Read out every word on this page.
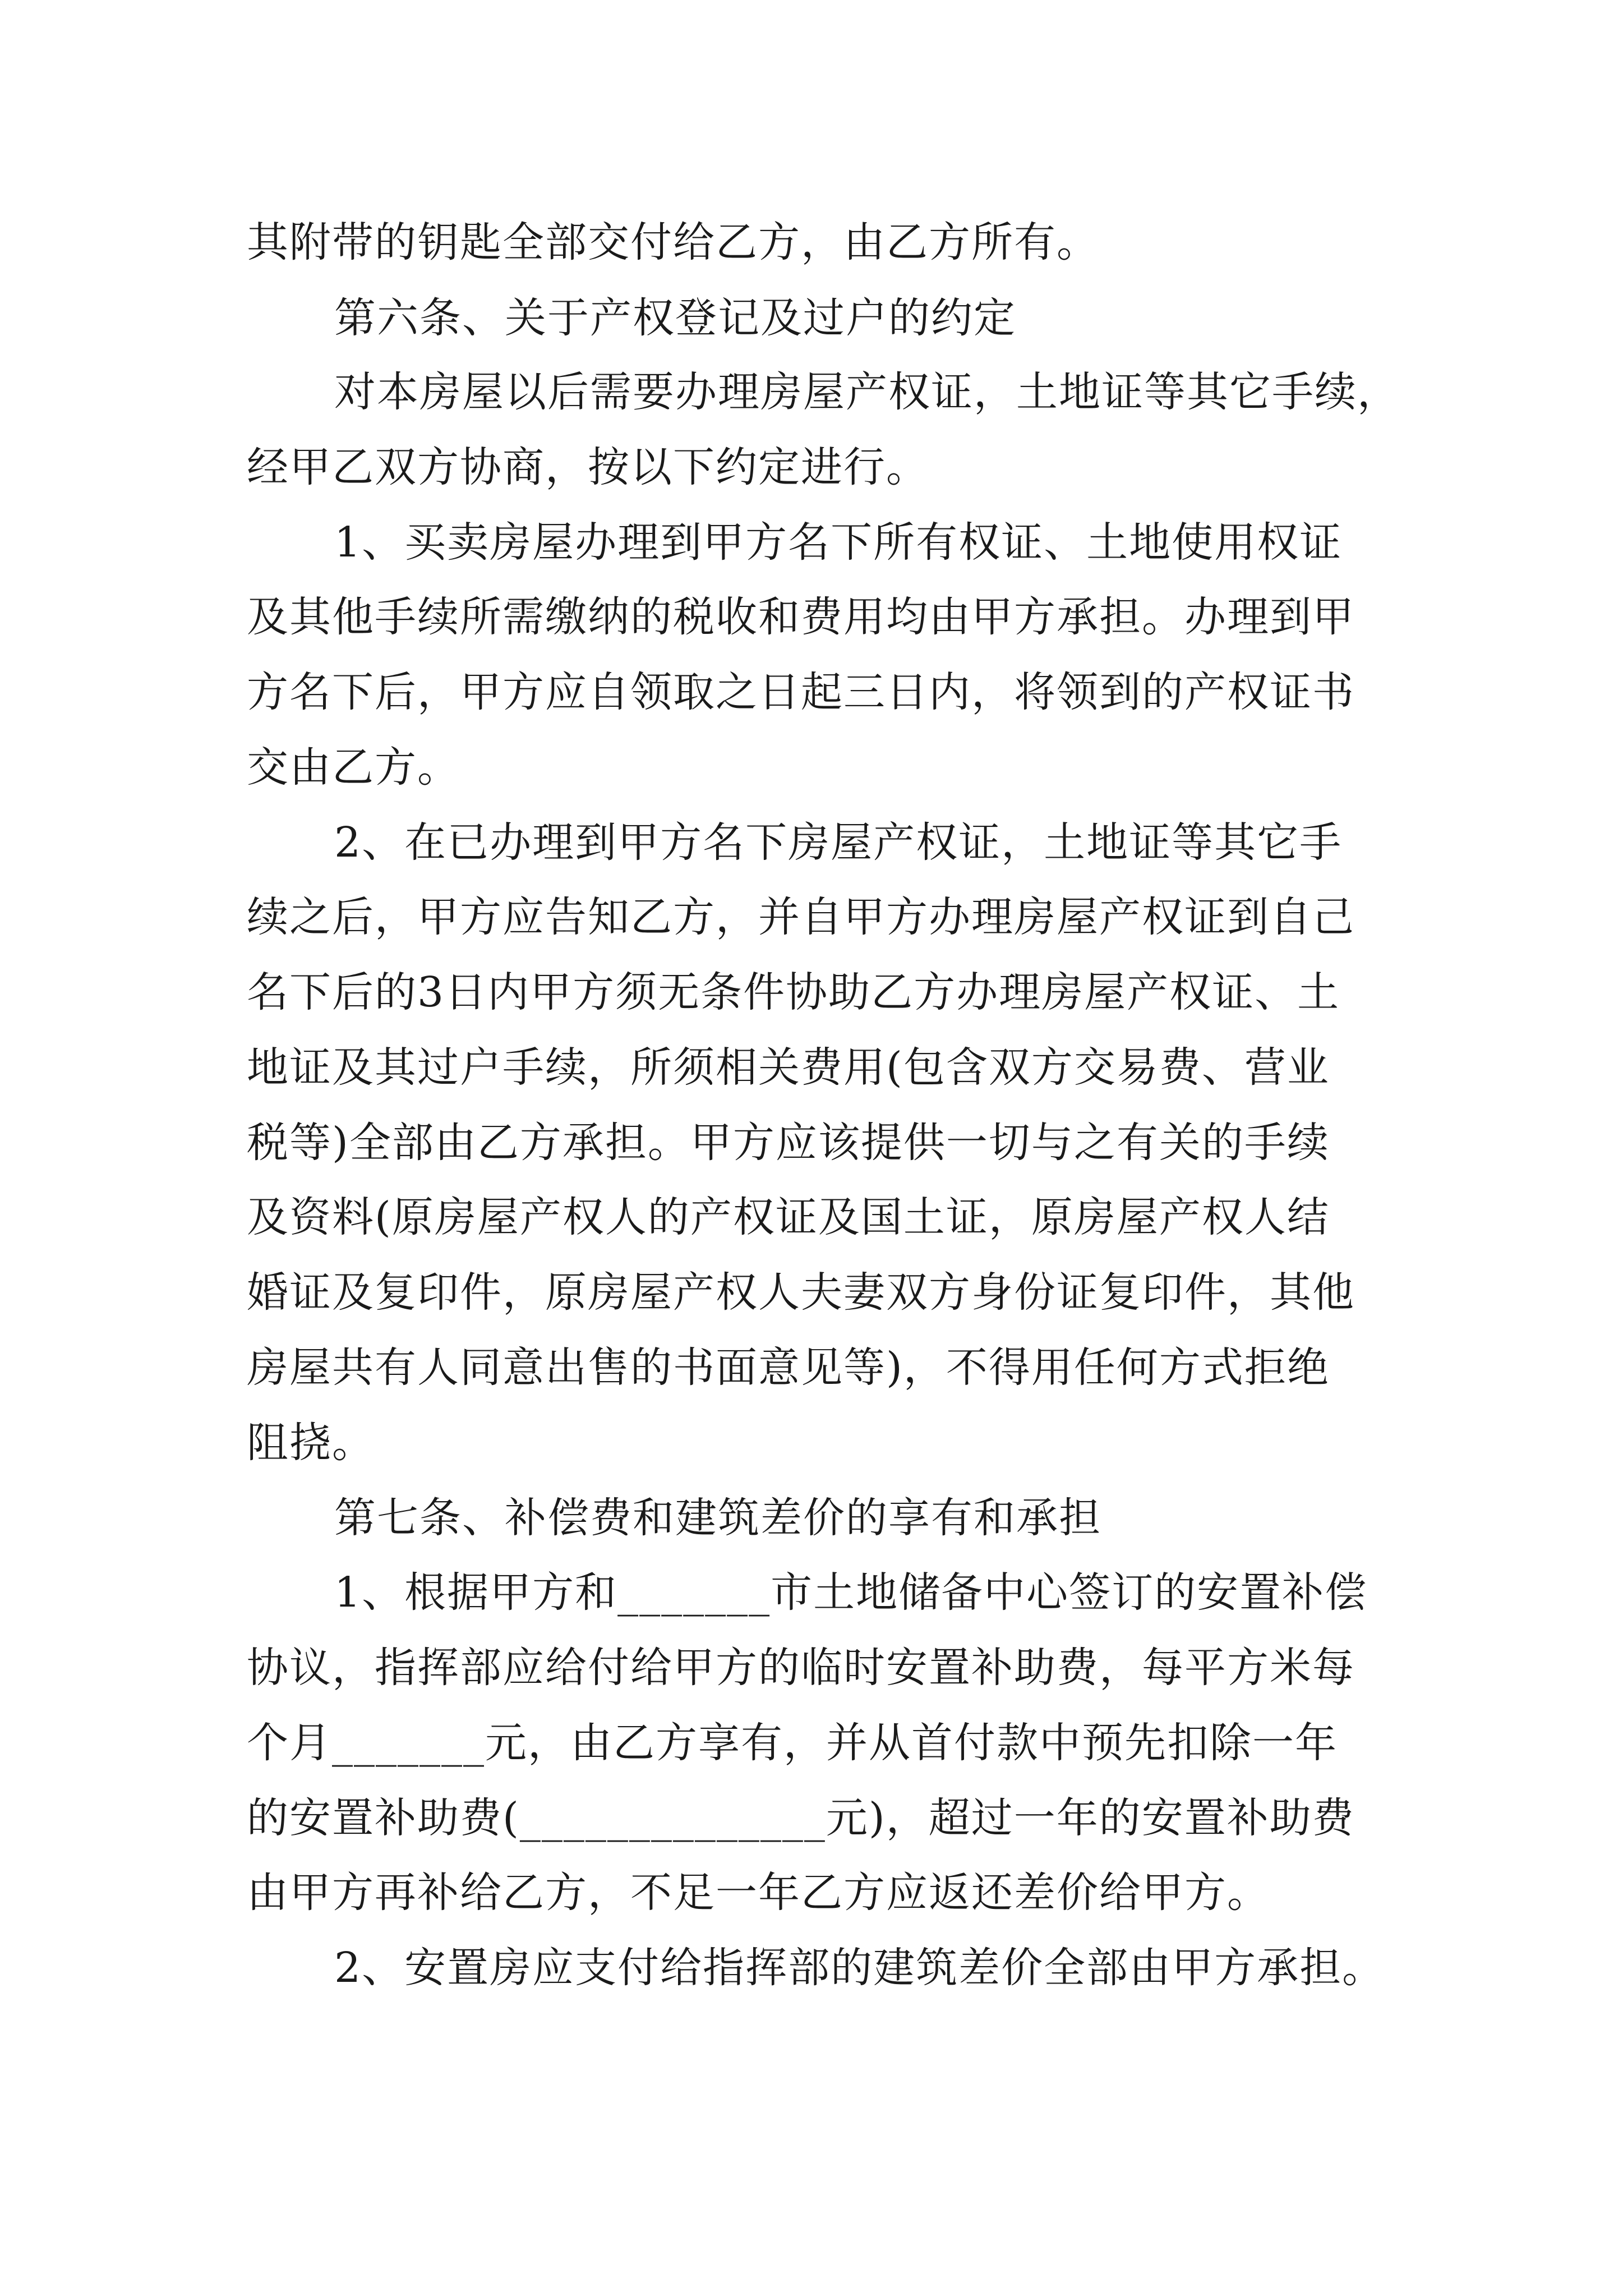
其附带的钥匙全部交付给乙方，由乙方所有。
第六条、关于产权登记及过户的约定
对本房屋以后需要办理房屋产权证，土地证等其它手续，
经甲乙双方协商，按以下约定进行。
1、买卖房屋办理到甲方名下所有权证、土地使用权证
及其他手续所需缴纳的税收和费用均由甲方承担。办理到甲
方名下后，甲方应自领取之日起三日内，将领到的产权证书
交由乙方。
2、在已办理到甲方名下房屋产权证，土地证等其它手
续之后，甲方应告知乙方，并自甲方办理房屋产权证到自己
名下后的3日内甲方须无条件协助乙方办理房屋产权证、土
地证及其过户手续，所须相关费用(包含双方交易费、营业
税等)全部由乙方承担。甲方应该提供一切与之有关的手续
及资料(原房屋产权人的产权证及国土证，原房屋产权人结
婚证及复印件，原房屋产权人夫妻双方身份证复印件，其他
房屋共有人同意出售的书面意见等)，不得用任何方式拒绝
阻挠。
第七条、补偿费和建筑差价的享有和承担
1、根据甲方和_______市土地储备中心签订的安置补偿
协议，指挥部应给付给甲方的临时安置补助费，每平方米每
个月_______元，由乙方享有，并从首付款中预先扣除一年
的安置补助费(______________元)，超过一年的安置补助费
由甲方再补给乙方，不足一年乙方应返还差价给甲方。
2、安置房应支付给指挥部的建筑差价全部由甲方承担。
